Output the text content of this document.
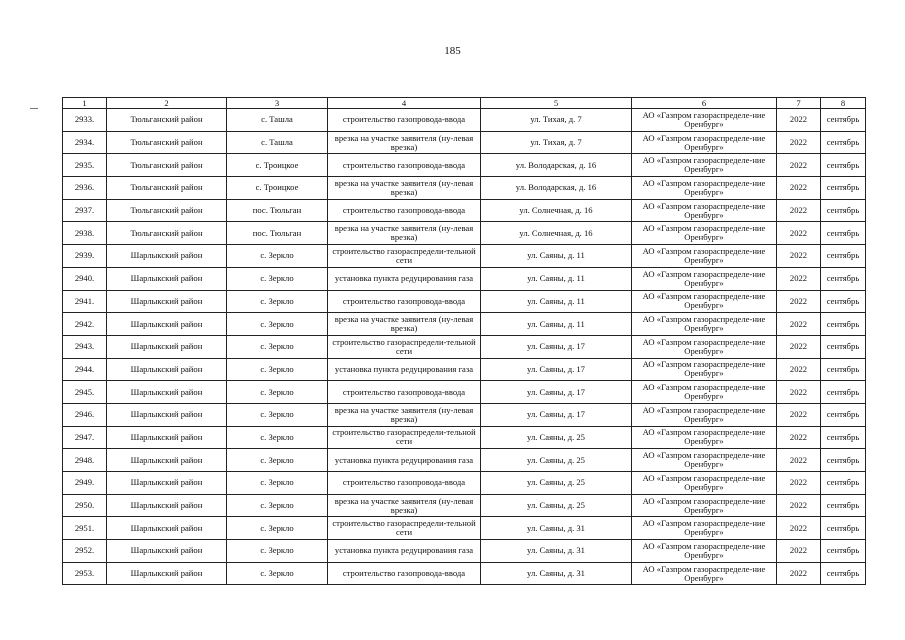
185
1	2	3	4	5	6	7	8
2933.	Тюльганский район	с. Ташла	строительство газопровода-ввода	ул. Тихая, д. 7	АО «Газпром газораспределе-ние Оренбург»	2022	сентябрь
2934.	Тюльганский район	с. Ташла	врезка на участке заявителя (ну-левая врезка)	ул. Тихая, д. 7	АО «Газпром газораспределе-ние Оренбург»	2022	сентябрь
2935.	Тюльганский район	с. Троицкое	строительство газопровода-ввода	ул. Володарская, д. 16	АО «Газпром газораспределе-ние Оренбург»	2022	сентябрь
2936.	Тюльганский район	с. Троицкое	врезка на участке заявителя (ну-левая врезка)	ул. Володарская, д. 16	АО «Газпром газораспределе-ние Оренбург»	2022	сентябрь
2937.	Тюльганский район	пос. Тюльган	строительство газопровода-ввода	ул. Солнечная, д. 16	АО «Газпром газораспределе-ние Оренбург»	2022	сентябрь
2938.	Тюльганский район	пос. Тюльган	врезка на участке заявителя (ну-левая врезка)	ул. Солнечная, д. 16	АО «Газпром газораспределе-ние Оренбург»	2022	сентябрь
2939.	Шарлыкский район	с. Зеркло	строительство газораспредели-тельной сети	ул. Саяны, д. 11	АО «Газпром газораспределе-ние Оренбург»	2022	сентябрь
2940.	Шарлыкский район	с. Зеркло	установка пункта редуцирования газа	ул. Саяны, д. 11	АО «Газпром газораспределе-ние Оренбург»	2022	сентябрь
2941.	Шарлыкский район	с. Зеркло	строительство газопровода-ввода	ул. Саяны, д. 11	АО «Газпром газораспределе-ние Оренбург»	2022	сентябрь
2942.	Шарлыкский район	с. Зеркло	врезка на участке заявителя (ну-левая врезка)	ул. Саяны, д. 11	АО «Газпром газораспределе-ние Оренбург»	2022	сентябрь
2943.	Шарлыкский район	с. Зеркло	строительство газораспредели-тельной сети	ул. Саяны, д. 17	АО «Газпром газораспределе-ние Оренбург»	2022	сентябрь
2944.	Шарлыкский район	с. Зеркло	установка пункта редуцирования газа	ул. Саяны, д. 17	АО «Газпром газораспределе-ние Оренбург»	2022	сентябрь
2945.	Шарлыкский район	с. Зеркло	строительство газопровода-ввода	ул. Саяны, д. 17	АО «Газпром газораспределе-ние Оренбург»	2022	сентябрь
2946.	Шарлыкский район	с. Зеркло	врезка на участке заявителя (ну-левая врезка)	ул. Саяны, д. 17	АО «Газпром газораспределе-ние Оренбург»	2022	сентябрь
2947.	Шарлыкский район	с. Зеркло	строительство газораспредели-тельной сети	ул. Саяны, д. 25	АО «Газпром газораспределе-ние Оренбург»	2022	сентябрь
2948.	Шарлыкский район	с. Зеркло	установка пункта редуцирования газа	ул. Саяны, д. 25	АО «Газпром газораспределе-ние Оренбург»	2022	сентябрь
2949.	Шарлыкский район	с. Зеркло	строительство газопровода-ввода	ул. Саяны, д. 25	АО «Газпром газораспределе-ние Оренбург»	2022	сентябрь
2950.	Шарлыкский район	с. Зеркло	врезка на участке заявителя (ну-левая врезка)	ул. Саяны, д. 25	АО «Газпром газораспределе-ние Оренбург»	2022	сентябрь
2951.	Шарлыкский район	с. Зеркло	строительство газораспредели-тельной сети	ул. Саяны, д. 31	АО «Газпром газораспределе-ние Оренбург»	2022	сентябрь
2952.	Шарлыкский район	с. Зеркло	установка пункта редуцирования газа	ул. Саяны, д. 31	АО «Газпром газораспределе-ние Оренбург»	2022	сентябрь
2953.	Шарлыкский район	с. Зеркло	строительство газопровода-ввода	ул. Саяны, д. 31	АО «Газпром газораспределе-ние Оренбург»	2022	сентябрь
